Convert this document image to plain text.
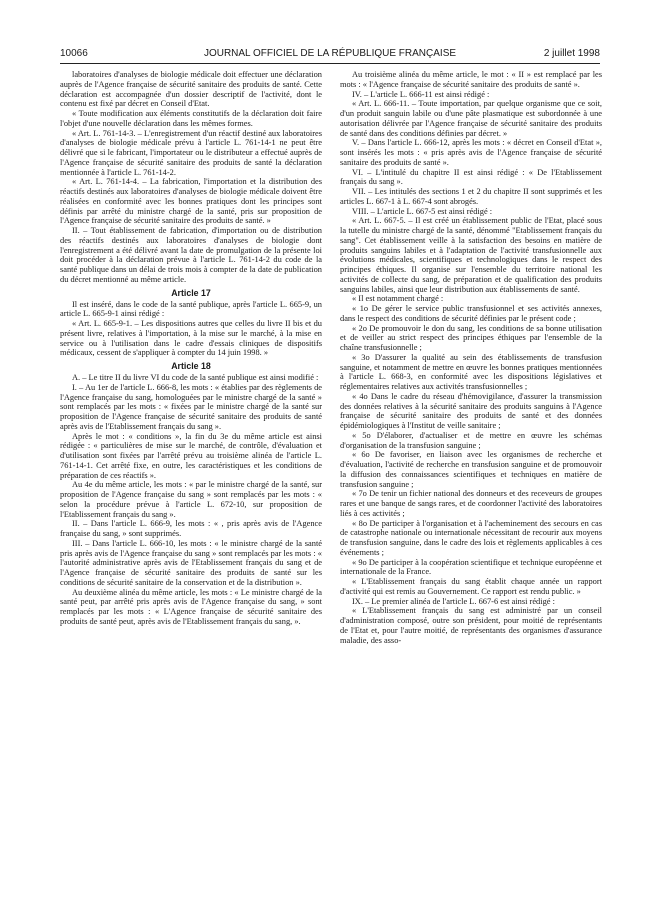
10066	JOURNAL OFFICIEL DE LA RÉPUBLIQUE FRANÇAISE	2 juillet 1998

laboratoires d'analyses de biologie médicale doit effectuer une déclaration auprès de l'Agence française de sécurité sanitaire des produits de santé. Cette déclaration est accompagnée d'un dossier descriptif de l'activité, dont le contenu est fixé par décret en Conseil d'Etat.

« Toute modification aux éléments constitutifs de la déclaration doit faire l'objet d'une nouvelle déclaration dans les mêmes formes.

« Art. L. 761-14-3. – L'enregistrement d'un réactif destiné aux laboratoires d'analyses de biologie médicale prévu à l'article L. 761-14-1 ne peut être délivré que si le fabricant, l'importateur ou le distributeur a effectué auprès de l'Agence française de sécurité sanitaire des produits de santé la déclaration mentionnée à l'article L. 761-14-2.

« Art. L. 761-14-4. – La fabrication, l'importation et la distribution des réactifs destinés aux laboratoires d'analyses de biologie médicale doivent être réalisées en conformité avec les bonnes pratiques dont les principes sont définis par arrêté du ministre chargé de la santé, pris sur proposition de l'Agence française de sécurité sanitaire des produits de santé. »

II. – Tout établissement de fabrication, d'importation ou de distribution des réactifs destinés aux laboratoires d'analyses de biologie dont l'enregistrement a été délivré avant la date de promulgation de la présente loi doit procéder à la déclaration prévue à l'article L. 761-14-2 du code de la santé publique dans un délai de trois mois à compter de la date de publication du décret mentionné au même article.

Article 17

Il est inséré, dans le code de la santé publique, après l'article L. 665-9, un article L. 665-9-1 ainsi rédigé :

« Art. L. 665-9-1. – Les dispositions autres que celles du livre II bis et du présent livre, relatives à l'importation, à la mise sur le marché, à la mise en service ou à l'utilisation dans le cadre d'essais cliniques de dispositifs médicaux, cessent de s'appliquer à compter du 14 juin 1998. »

Article 18

A. – Le titre II du livre VI du code de la santé publique est ainsi modifié :

I. – Au 1er de l'article L. 666-8, les mots : « établies par des règlements de l'Agence française du sang, homologuées par le ministre chargé de la santé » sont remplacés par les mots : « fixées par le ministre chargé de la santé sur proposition de l'Agence française de sécurité sanitaire des produits de santé après avis de l'Etablissement français du sang ».

Après le mot : « conditions », la fin du 3e du même article est ainsi rédigée : « particulières de mise sur le marché, de contrôle, d'évaluation et d'utilisation sont fixées par l'arrêté prévu au troisième alinéa de l'article L. 761-14-1. Cet arrêté fixe, en outre, les caractéristiques et les conditions de préparation de ces réactifs ».

Au 4e du même article, les mots : « par le ministre chargé de la santé, sur proposition de l'Agence française du sang » sont remplacés par les mots : « selon la procédure prévue à l'article L. 672-10, sur proposition de l'Etablissement français du sang ».

II. – Dans l'article L. 666-9, les mots : « , pris après avis de l'Agence française du sang, » sont supprimés.

III. – Dans l'article L. 666-10, les mots : « le ministre chargé de la santé pris après avis de l'Agence française du sang » sont remplacés par les mots : « l'autorité administrative après avis de l'Etablissement français du sang et de l'Agence française de sécurité sanitaire des produits de santé sur les conditions de sécurité sanitaire de la conservation et de la distribution ».

Au deuxième alinéa du même article, les mots : « Le ministre chargé de la santé peut, par arrêté pris après avis de l'Agence française du sang, » sont remplacés par les mots : « L'Agence française de sécurité sanitaire des produits de santé peut, après avis de l'Etablissement français du sang, ».

Au troisième alinéa du même article, le mot : « II » est remplacé par les mots : « l'Agence française de sécurité sanitaire des produits de santé ».

IV. – L'article L. 666-11 est ainsi rédigé :

« Art. L. 666-11. – Toute importation, par quelque organisme que ce soit, d'un produit sanguin labile ou d'une pâte plasmatique est subordonnée à une autorisation délivrée par l'Agence française de sécurité sanitaire des produits de santé dans des conditions définies par décret. »

V. – Dans l'article L. 666-12, après les mots : « décret en Conseil d'Etat », sont insérés les mots : « pris après avis de l'Agence française de sécurité sanitaire des produits de santé ».

VI. – L'intitulé du chapitre II est ainsi rédigé : « De l'Etablissement français du sang ».

VII. – Les intitulés des sections 1 et 2 du chapitre II sont supprimés et les articles L. 667-1 à L. 667-4 sont abrogés.

VIII. – L'article L. 667-5 est ainsi rédigé :

« Art. L. 667-5. – Il est créé un établissement public de l'Etat, placé sous la tutelle du ministre chargé de la santé, dénommé "Etablissement français du sang". Cet établissement veille à la satisfaction des besoins en matière de produits sanguins labiles et à l'adaptation de l'activité transfusionnelle aux évolutions médicales, scientifiques et technologiques dans le respect des principes éthiques. Il organise sur l'ensemble du territoire national les activités de collecte du sang, de préparation et de qualification des produits sanguins labiles, ainsi que leur distribution aux établissements de santé.

« Il est notamment chargé :

« 1o De gérer le service public transfusionnel et ses activités annexes, dans le respect des conditions de sécurité définies par le présent code ;

« 2o De promouvoir le don du sang, les conditions de sa bonne utilisation et de veiller au strict respect des principes éthiques par l'ensemble de la chaîne transfusionnelle ;

« 3o D'assurer la qualité au sein des établissements de transfusion sanguine, et notamment de mettre en œuvre les bonnes pratiques mentionnées à l'article L. 668-3, en conformité avec les dispositions législatives et réglementaires relatives aux activités transfusionnelles ;

« 4o Dans le cadre du réseau d'hémovigilance, d'assurer la transmission des données relatives à la sécurité sanitaire des produits sanguins à l'Agence française de sécurité sanitaire des produits de santé et des données épidémiologiques à l'Institut de veille sanitaire ;

« 5o D'élaborer, d'actualiser et de mettre en œuvre les schémas d'organisation de la transfusion sanguine ;

« 6o De favoriser, en liaison avec les organismes de recherche et d'évaluation, l'activité de recherche en transfusion sanguine et de promouvoir la diffusion des connaissances scientifiques et techniques en matière de transfusion sanguine ;

« 7o De tenir un fichier national des donneurs et des receveurs de groupes rares et une banque de sangs rares, et de coordonner l'activité des laboratoires liés à ces activités ;

« 8o De participer à l'organisation et à l'acheminement des secours en cas de catastrophe nationale ou internationale nécessitant de recourir aux moyens de transfusion sanguine, dans le cadre des lois et règlements applicables à ces événements ;

« 9o De participer à la coopération scientifique et technique européenne et internationale de la France.

« L'Etablissement français du sang établit chaque année un rapport d'activité qui est remis au Gouvernement. Ce rapport est rendu public. »

IX. – Le premier alinéa de l'article L. 667-6 est ainsi rédigé :

« L'Etablissement français du sang est administré par un conseil d'administration composé, outre son président, pour moitié de représentants de l'Etat et, pour l'autre moitié, de représentants des organismes d'assurance maladie, des asso-
